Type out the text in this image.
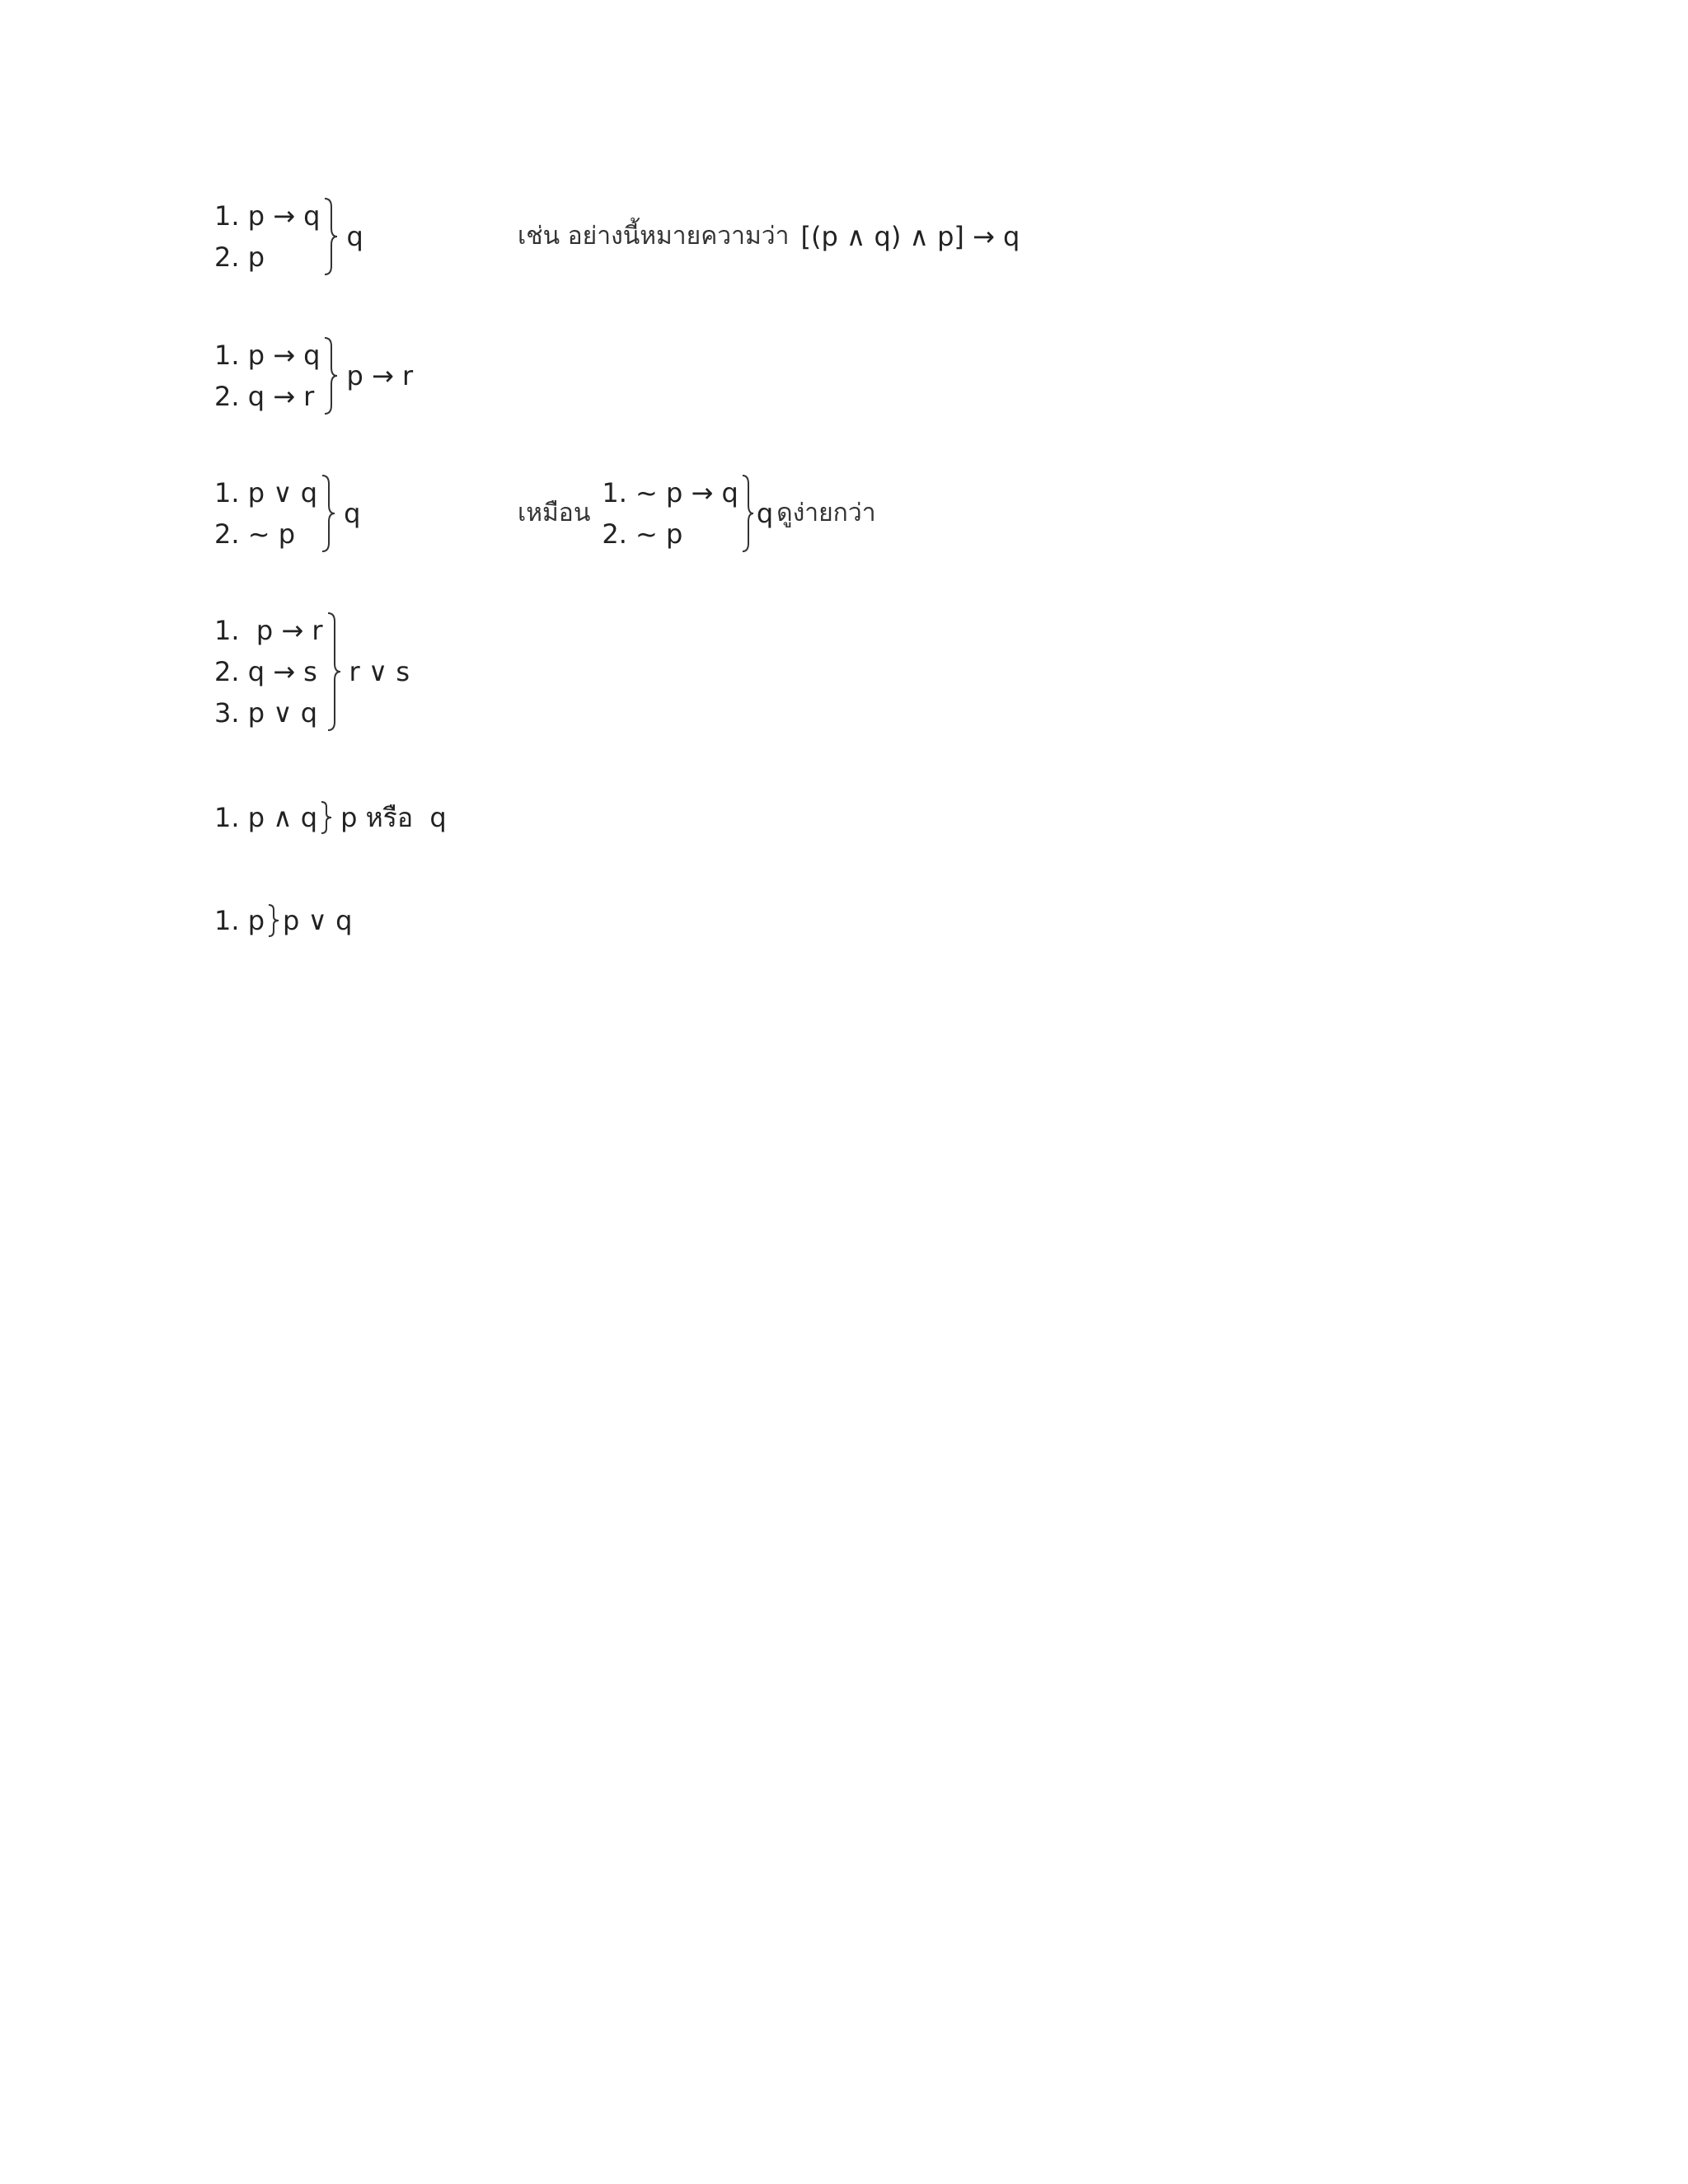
1. p → q
2. p
q	เช่น อย่างนี้หมายความว่า [(p ∧ q) ∧ p] → q
1. p → q
2. q → r
p → r
1. p ∨ q
2. ~ p
q	เหมือน
1. ~ p → q
2. ~ p
q ดูง่ายกว่า
1.  p → r
2. q → s
3. p ∨ q
r ∨ s
1. p ∧ q p หรือ  q
1. p p ∨ q
